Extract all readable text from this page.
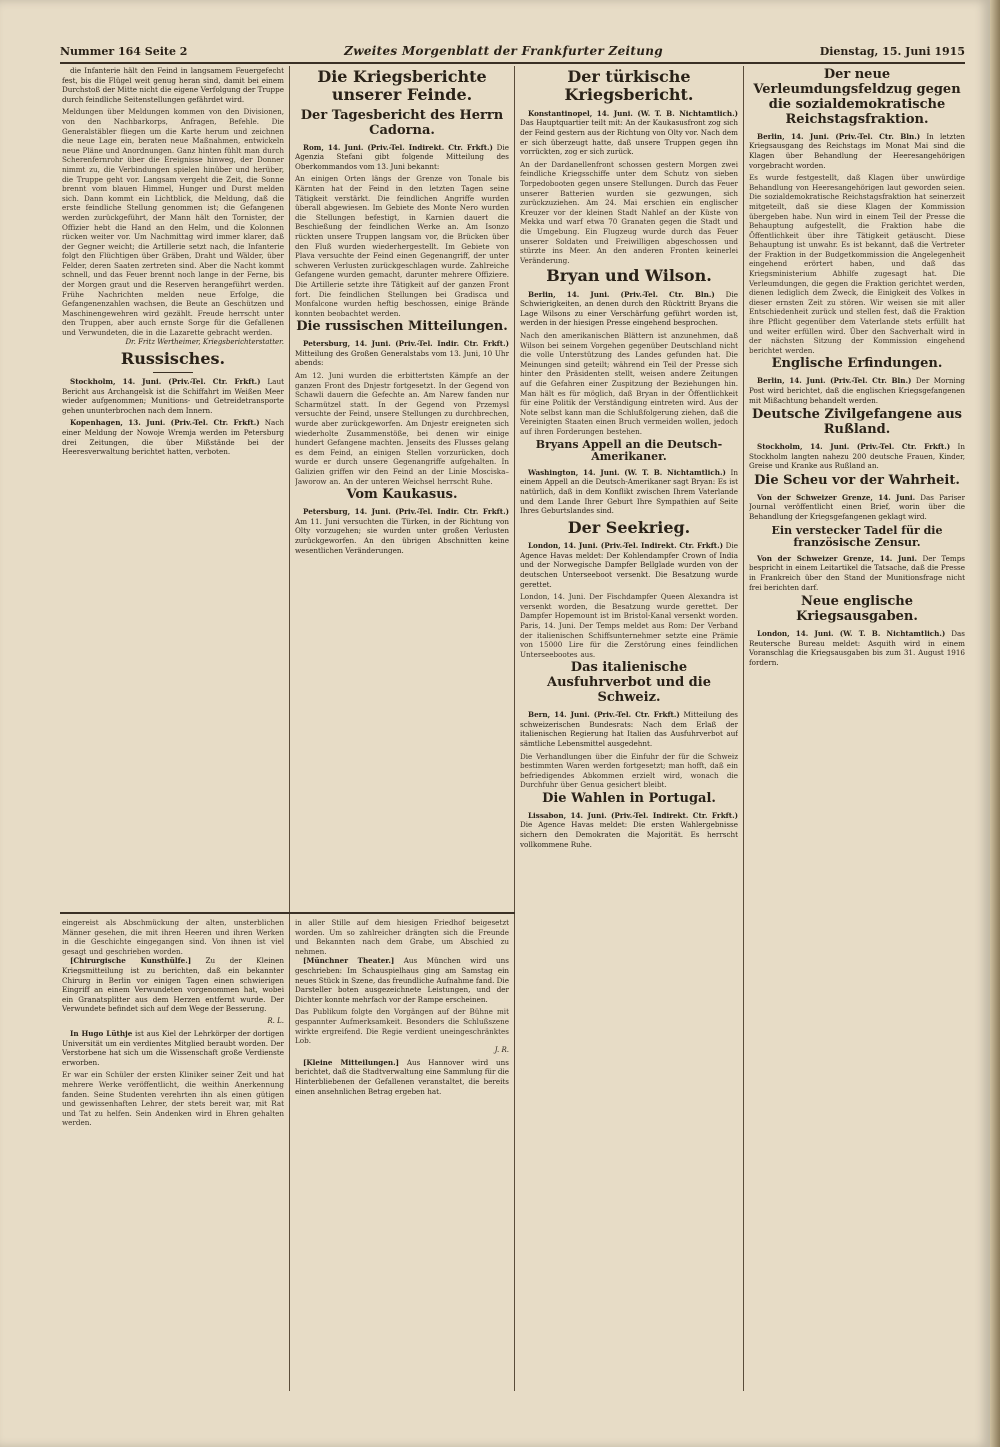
Nummer 164 Seite 2	Zweites Morgenblatt der Frankfurter Zeitung	Dienstag, 15. Juni 1915

die Infanterie hält den Feind in langsamem Feuergefecht fest, bis die Flügel weit genug heran sind, damit bei einem Durchstoß der Mitte nicht die eigene Verfolgung der Truppe durch feindliche Seitenstellungen gefährdet wird.

Meldungen über Meldungen kommen von den Divisionen, von den Nachbarkorps, Anfragen, Befehle. Die Generalstäbler fliegen um die Karte herum und zeichnen die neue Lage ein, beraten neue Maßnahmen, entwickeln neue Pläne und Anordnungen. Ganz hinten fühlt man durch Scherenfernrohr über die Ereignisse hinweg, der Donner nimmt zu, die Verbindungen spielen hinüber und herüber, die Truppe geht vor. Langsam vergeht die Zeit, die Sonne brennt vom blauen Himmel, Hunger und Durst melden sich. Dann kommt ein Lichtblick, die Meldung, daß die erste feindliche Stellung genommen ist; die Gefangenen werden zurückgeführt, der Mann hält den Tornister, der Offizier hebt die Hand an den Helm, und die Kolonnen rücken weiter vor. Um Nachmittag wird immer klarer, daß der Gegner weicht; die Artillerie setzt nach, die Infanterie folgt den Flüchtigen über Gräben, Draht und Wälder, über Felder, deren Saaten zertreten sind. Aber die Nacht kommt schnell, und das Feuer brennt noch lange in der Ferne, bis der Morgen graut und die Reserven herangeführt werden. Frühe Nachrichten melden neue Erfolge, die Gefangenenzahlen wachsen, die Beute an Geschützen und Maschinengewehren wird gezählt. Freude herrscht unter den Truppen, aber auch ernste Sorge für die Gefallenen und Verwundeten, die in die Lazarette gebracht werden.
Dr. Fritz Wertheimer, Kriegsberichterstatter.
Russisches.

Stockholm, 14. Juni. (Priv.-Tel. Ctr. Frkft.) Laut Bericht aus Archangelsk ist die Schiffahrt im Weißen Meer wieder aufgenommen; Munitions- und Getreidetransporte gehen ununterbrochen nach dem Innern.

Kopenhagen, 13. Juni. (Priv.-Tel. Ctr. Frkft.) Nach einer Meldung der Nowoje Wremja werden im Petersburg drei Zeitungen, die über Mißstände bei der Heeresverwaltung berichtet hatten, verboten.

Die Kriegsberichte unserer Feinde.
Der Tagesbericht des Herrn Cadorna.

Rom, 14. Juni. (Priv.-Tel. Indirekt. Ctr. Frkft.) Die Agenzia Stefani gibt folgende Mitteilung des Oberkommandos vom 13. Juni bekannt:

An einigen Orten längs der Grenze von Tonale bis Kärnten hat der Feind in den letzten Tagen seine Tätigkeit verstärkt. Die feindlichen Angriffe wurden überall abgewiesen. Im Gebiete des Monte Nero wurden die Stellungen befestigt, in Karnien dauert die Beschießung der feindlichen Werke an. Am Isonzo rückten unsere Truppen langsam vor, die Brücken über den Fluß wurden wiederhergestellt. Im Gebiete von Plava versuchte der Feind einen Gegenangriff, der unter schweren Verlusten zurückgeschlagen wurde. Zahlreiche Gefangene wurden gemacht, darunter mehrere Offiziere. Die Artillerie setzte ihre Tätigkeit auf der ganzen Front fort. Die feindlichen Stellungen bei Gradisca und Monfalcone wurden heftig beschossen, einige Brände konnten beobachtet werden.
Die russischen Mitteilungen.

Petersburg, 14. Juni. (Priv.-Tel. Indir. Ctr. Frkft.) Mitteilung des Großen Generalstabs vom 13. Juni, 10 Uhr abends:

Am 12. Juni wurden die erbittertsten Kämpfe an der ganzen Front des Dnjestr fortgesetzt. In der Gegend von Schawli dauern die Gefechte an. Am Narew fanden nur Scharmützel statt. In der Gegend von Przemysl versuchte der Feind, unsere Stellungen zu durchbrechen, wurde aber zurückgeworfen. Am Dnjestr ereigneten sich wiederholte Zusammenstöße, bei denen wir einige hundert Gefangene machten. Jenseits des Flusses gelang es dem Feind, an einigen Stellen vorzurücken, doch wurde er durch unsere Gegenangriffe aufgehalten. In Galizien griffen wir den Feind an der Linie Mosciska–Jaworow an. An der unteren Weichsel herrscht Ruhe.
Vom Kaukasus.

Petersburg, 14. Juni. (Priv.-Tel. Indir. Ctr. Frkft.) Am 11. Juni versuchten die Türken, in der Richtung von Olty vorzugehen; sie wurden unter großen Verlusten zurückgeworfen. An den übrigen Abschnitten keine wesentlichen Veränderungen.

Der türkische Kriegsbericht.

Konstantinopel, 14. Juni. (W. T. B. Nichtamtlich.) Das Hauptquartier teilt mit: An der Kaukasusfront zog sich der Feind gestern aus der Richtung von Olty vor. Nach dem er sich überzeugt hatte, daß unsere Truppen gegen ihn vorrückten, zog er sich zurück.

An der Dardanellenfront schossen gestern Morgen zwei feindliche Kriegsschiffe unter dem Schutz von sieben Torpedobooten gegen unsere Stellungen. Durch das Feuer unserer Batterien wurden sie gezwungen, sich zurückzuziehen. Am 24. Mai erschien ein englischer Kreuzer vor der kleinen Stadt Nahlef an der Küste von Mekka und warf etwa 70 Granaten gegen die Stadt und die Umgebung. Ein Flugzeug wurde durch das Feuer unserer Soldaten und Freiwilligen abgeschossen und stürzte ins Meer. An den anderen Fronten keinerlei Veränderung.
Bryan und Wilson.

Berlin, 14. Juni. (Priv.-Tel. Ctr. Bln.) Die Schwierigkeiten, an denen durch den Rücktritt Bryans die Lage Wilsons zu einer Verschärfung geführt worden ist, werden in der hiesigen Presse eingehend besprochen.

Nach den amerikanischen Blättern ist anzunehmen, daß Wilson bei seinem Vorgehen gegenüber Deutschland nicht die volle Unterstützung des Landes gefunden hat. Die Meinungen sind geteilt; während ein Teil der Presse sich hinter den Präsidenten stellt, weisen andere Zeitungen auf die Gefahren einer Zuspitzung der Beziehungen hin. Man hält es für möglich, daß Bryan in der Öffentlichkeit für eine Politik der Verständigung eintreten wird. Aus der Note selbst kann man die Schlußfolgerung ziehen, daß die Vereinigten Staaten einen Bruch vermeiden wollen, jedoch auf ihren Forderungen bestehen.
Bryans Appell an die Deutsch-Amerikaner.

Washington, 14. Juni. (W. T. B. Nichtamtlich.) In einem Appell an die Deutsch-Amerikaner sagt Bryan: Es ist natürlich, daß in dem Konflikt zwischen Ihrem Vaterlande und dem Lande Ihrer Geburt Ihre Sympathien auf Seite Ihres Geburtslandes sind.

Der Seekrieg.

London, 14. Juni. (Priv.-Tel. Indirekt. Ctr. Frkft.) Die Agence Havas meldet: Der Kohlendampfer Crown of India und der Norwegische Dampfer Bellglade wurden von der deutschen Unterseeboot versenkt. Die Besatzung wurde gerettet.

London, 14. Juni. Der Fischdampfer Queen Alexandra ist versenkt worden, die Besatzung wurde gerettet. Der Dampfer Hopemount ist im Bristol-Kanal versenkt worden. Paris, 14. Juni. Der Temps meldet aus Rom: Der Verband der italienischen Schiffsunternehmer setzte eine Prämie von 15000 Lire für die Zerstörung eines feindlichen Unterseebootes aus.
Das italienische Ausfuhrverbot und die Schweiz.

Bern, 14. Juni. (Priv.-Tel. Ctr. Frkft.) Mitteilung des schweizerischen Bundesrats: Nach dem Erlaß der italienischen Regierung hat Italien das Ausfuhrverbot auf sämtliche Lebensmittel ausgedehnt.

Die Verhandlungen über die Einfuhr der für die Schweiz bestimmten Waren werden fortgesetzt; man hofft, daß ein befriedigendes Abkommen erzielt wird, wonach die Durchfuhr über Genua gesichert bleibt.
Die Wahlen in Portugal.

Lissabon, 14. Juni. (Priv.-Tel. Indirekt. Ctr. Frkft.) Die Agence Havas meldet: Die ersten Wahlergebnisse sichern den Demokraten die Majorität. Es herrscht vollkommene Ruhe.

Der neue Verleumdungsfeldzug gegen die sozialdemokratische Reichstagsfraktion.

Berlin, 14. Juni. (Priv.-Tel. Ctr. Bln.) In letzten Kriegsausgang des Reichstags im Monat Mai sind die Klagen über Behandlung der Heeresangehörigen vorgebracht worden.

Es wurde festgestellt, daß Klagen über unwürdige Behandlung von Heeresangehörigen laut geworden seien. Die sozialdemokratische Reichstagsfraktion hat seinerzeit mitgeteilt, daß sie diese Klagen der Kommission übergeben habe. Nun wird in einem Teil der Presse die Behauptung aufgestellt, die Fraktion habe die Öffentlichkeit über ihre Tätigkeit getäuscht. Diese Behauptung ist unwahr. Es ist bekannt, daß die Vertreter der Fraktion in der Budgetkommission die Angelegenheit eingehend erörtert haben, und daß das Kriegsministerium Abhilfe zugesagt hat. Die Verleumdungen, die gegen die Fraktion gerichtet werden, dienen lediglich dem Zweck, die Einigkeit des Volkes in dieser ernsten Zeit zu stören. Wir weisen sie mit aller Entschiedenheit zurück und stellen fest, daß die Fraktion ihre Pflicht gegenüber dem Vaterlande stets erfüllt hat und weiter erfüllen wird. Über den Sachverhalt wird in der nächsten Sitzung der Kommission eingehend berichtet werden.
Englische Erfindungen.

Berlin, 14. Juni. (Priv.-Tel. Ctr. Bln.) Der Morning Post wird berichtet, daß die englischen Kriegsgefangenen mit Mißachtung behandelt werden.

Deutsche Zivilgefangene aus Rußland.

Stockholm, 14. Juni. (Priv.-Tel. Ctr. Frkft.) In Stockholm langten nahezu 200 deutsche Frauen, Kinder, Greise und Kranke aus Rußland an.

Die Scheu vor der Wahrheit.

Von der Schweizer Grenze, 14. Juni. Das Pariser Journal veröffentlicht einen Brief, worin über die Behandlung der Kriegsgefangenen geklagt wird.

Ein verstecker Tadel für die französische Zensur.

Von der Schweizer Grenze, 14. Juni. Der Temps bespricht in einem Leitartikel die Tatsache, daß die Presse in Frankreich über den Stand der Munitionsfrage nicht frei berichten darf.

Neue englische Kriegsausgaben.

London, 14. Juni. (W. T. B. Nichtamtlich.) Das Reutersche Bureau meldet: Asquith wird in einem Voranschlag die Kriegsausgaben bis zum 31. August 1916 fordern.

eingereist als Abschmückung der alten, unsterblichen Männer gesehen, die mit ihren Heeren und ihren Werken in die Geschichte eingegangen sind. Von ihnen ist viel gesagt und geschrieben worden.

[Chirurgische Kunsthülfe.] Zu der Kleinen Kriegsmitteilung ist zu berichten, daß ein bekannter Chirurg in Berlin vor einigen Tagen einen schwierigen Eingriff an einem Verwundeten vorgenommen hat, wobei ein Granatsplitter aus dem Herzen entfernt wurde. Der Verwundete befindet sich auf dem Wege der Besserung.

R. L.

In Hugo Lüthje ist aus Kiel der Lehrkörper der dortigen Universität um ein verdientes Mitglied beraubt worden. Der Verstorbene hat sich um die Wissenschaft große Verdienste erworben.

Er war ein Schüler der ersten Kliniker seiner Zeit und hat mehrere Werke veröffentlicht, die weithin Anerkennung fanden. Seine Studenten verehrten ihn als einen gütigen und gewissenhaften Lehrer, der stets bereit war, mit Rat und Tat zu helfen. Sein Andenken wird in Ehren gehalten werden.
in aller Stille auf dem hiesigen Friedhof beigesetzt worden. Um so zahlreicher drängten sich die Freunde und Bekannten nach dem Grabe, um Abschied zu nehmen.

[Münchner Theater.] Aus München wird uns geschrieben: Im Schauspielhaus ging am Samstag ein neues Stück in Szene, das freundliche Aufnahme fand. Die Darsteller boten ausgezeichnete Leistungen, und der Dichter konnte mehrfach vor der Rampe erscheinen.

Das Publikum folgte den Vorgängen auf der Bühne mit gespannter Aufmerksamkeit. Besonders die Schlußszene wirkte ergreifend. Die Regie verdient uneingeschränktes Lob.
J. R.

[Kleine Mitteilungen.] Aus Hannover wird uns berichtet, daß die Stadtverwaltung eine Sammlung für die Hinterbliebenen der Gefallenen veranstaltet, die bereits einen ansehnlichen Betrag ergeben hat.
